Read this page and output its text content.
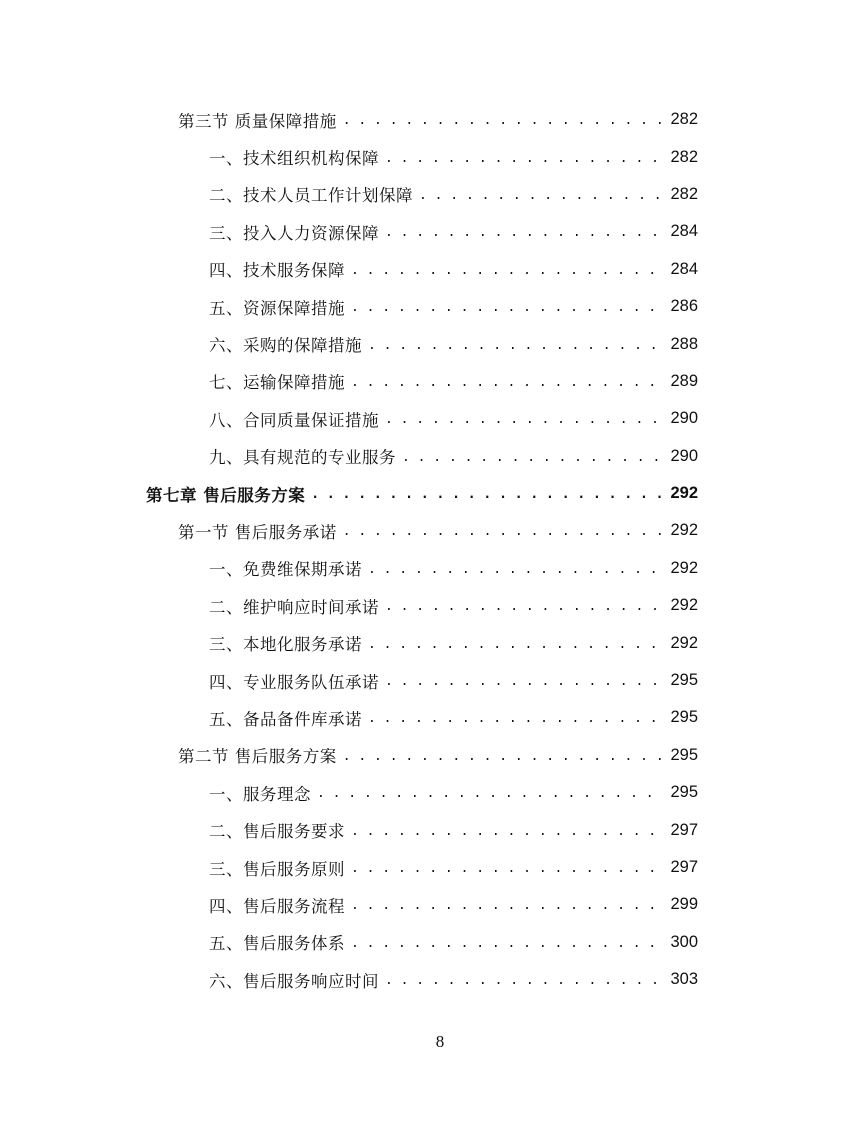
第三节 质量保障措施 . . .	282
一、技术组织机构保障 . . .	282
二、技术人员工作计划保障 . . .	282
三、投入人力资源保障 . . .	284
四、技术服务保障 . . .	284
五、资源保障措施 . . .	286
六、采购的保障措施 . . .	288
七、运输保障措施 . . .	289
八、合同质量保证措施 . . .	290
九、具有规范的专业服务 . . .	290
第七章 售后服务方案 . . .	292
第一节 售后服务承诺 . . .	292
一、免费维保期承诺 . . .	292
二、维护响应时间承诺 . . .	292
三、本地化服务承诺 . . .	292
四、专业服务队伍承诺 . . .	295
五、备品备件库承诺 . . .	295
第二节 售后服务方案 . . .	295
一、服务理念 . . .	295
二、售后服务要求 . . .	297
三、售后服务原则 . . .	297
四、售后服务流程 . . .	299
五、售后服务体系 . . .	300
六、售后服务响应时间 . . .	303
8
